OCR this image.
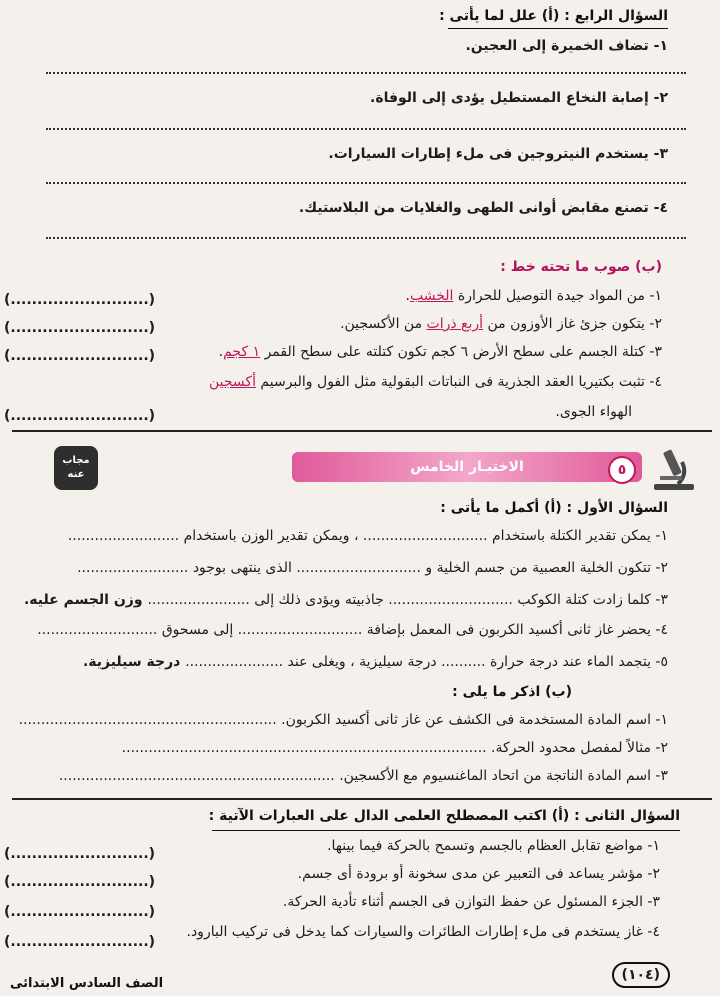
السؤال الرابع : (أ) علل لما يأتى :
١- تضاف الخميرة إلى العجين.
٢- إصابة النخاع المستطيل يؤدى إلى الوفاة.
٣- يستخدم النيتروجين فى ملء إطارات السيارات.
٤- تصنع مقابض أوانى الطهى والغلايات من البلاستيك.
(ب) صوب ما تحته خط :
١- من المواد جيدة التوصيل للحرارة الخشب.
(..........................)
٢- يتكون جزئ غاز الأوزون من أربع ذرات من الأكسجين.
(..........................)
٣- كتلة الجسم على سطح الأرض ٦ كجم تكون كتلته على سطح القمر ١ كجم.
(..........................)
٤- تثبت بكتيريا العقد الجذرية فى النباتات البقولية مثل الفول والبرسيم أكسجين
الهواء الجوى.
(..........................)
٥
الاختبـار الخامس
مجاب
عنه
السؤال الأول : (أ) أكمل ما يأتى :
١- يمكن تقدير الكتلة باستخدام ............................ ، ويمكن تقدير الوزن باستخدام .........................
٢- تتكون الخلية العصبية من جسم الخلية و ............................ الذى ينتهى بوجود .........................
٣- كلما زادت كتلة الكوكب ............................ جاذبيته ويؤدى ذلك إلى ....................... وزن الجسم عليه.
٤- يحضر غاز ثانى أكسيد الكربون فى المعمل بإضافة ............................ إلى مسحوق ...........................
٥- يتجمد الماء عند درجة حرارة .......... درجة سيليزية ، ويغلى عند ...................... درجة سيليزية.
(ب) اذكر ما يلى :
١- اسم المادة المستخدمة فى الكشف عن غاز ثانى أكسيد الكربون. ..........................................................
٢- مثالاً لمفصل محدود الحركة. ..................................................................................
٣- اسم المادة الناتجة من اتحاد الماغنسيوم مع الأكسجين. ..............................................................
السؤال الثانى : (أ) اكتب المصطلح العلمى الدال على العبارات الآتية :
١- مواضع تقابل العظام بالجسم وتسمح بالحركة فيما بينها.
(..........................)
٢- مؤشر يساعد فى التعبير عن مدى سخونة أو برودة أى جسم.
(..........................)
٣- الجزء المسئول عن حفظ التوازن فى الجسم أثناء تأدية الحركة.
(..........................)
٤- غاز يستخدم فى ملء إطارات الطائرات والسيارات كما يدخل فى تركيب البارود.
(..........................)
(١٠٤)
الصف السادس الابتدائى
